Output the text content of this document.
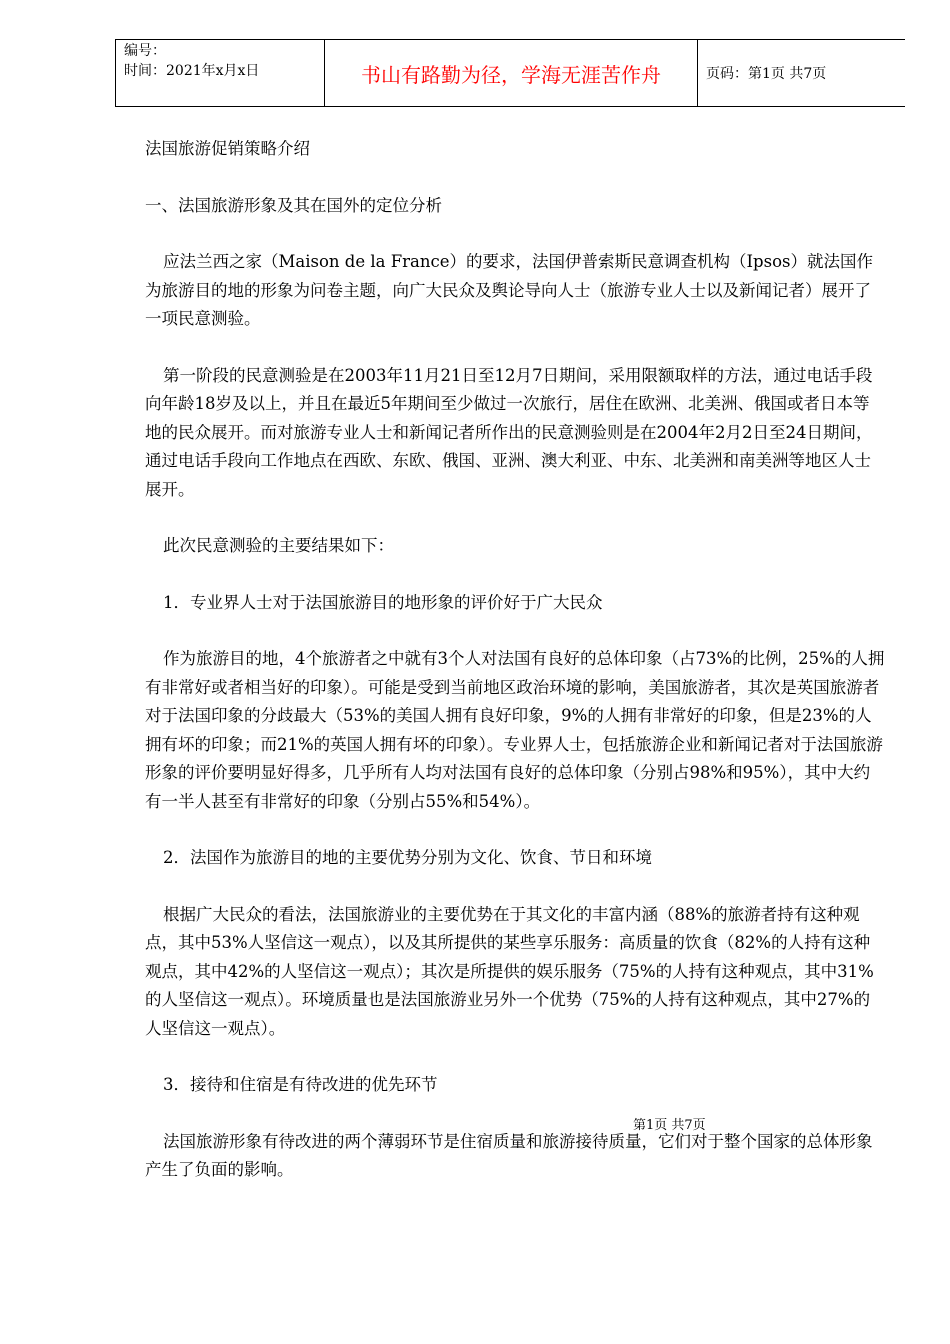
编号：
时间：2021年x月x日	书山有路勤为径，学海无涯苦作舟	页码：第1页 共7页

法国旅游促销策略介绍

一、法国旅游形象及其在国外的定位分析

应法兰西之家（Maison de la France）的要求，法国伊普索斯民意调查机构（Ipsos）就法国作为旅游目的地的形象为问卷主题，向广大民众及舆论导向人士（旅游专业人士以及新闻记者）展开了一项民意测验。

第一阶段的民意测验是在2003年11月21日至12月7日期间，采用限额取样的方法，通过电话手段向年龄18岁及以上，并且在最近5年期间至少做过一次旅行，居住在欧洲、北美洲、俄国或者日本等地的民众展开。而对旅游专业人士和新闻记者所作出的民意测验则是在2004年2月2日至24日期间，通过电话手段向工作地点在西欧、东欧、俄国、亚洲、澳大利亚、中东、北美洲和南美洲等地区人士展开。

此次民意测验的主要结果如下：

1．专业界人士对于法国旅游目的地形象的评价好于广大民众

作为旅游目的地，4个旅游者之中就有3个人对法国有良好的总体印象（占73%的比例，25%的人拥有非常好或者相当好的印象）。可能是受到当前地区政治环境的影响，美国旅游者，其次是英国旅游者对于法国印象的分歧最大（53%的美国人拥有良好印象，9%的人拥有非常好的印象，但是23%的人拥有坏的印象；而21%的英国人拥有坏的印象）。专业界人士，包括旅游企业和新闻记者对于法国旅游形象的评价要明显好得多，几乎所有人均对法国有良好的总体印象（分别占98%和95%），其中大约有一半人甚至有非常好的印象（分别占55%和54%）。

2．法国作为旅游目的地的主要优势分别为文化、饮食、节日和环境

根据广大民众的看法，法国旅游业的主要优势在于其文化的丰富内涵（88%的旅游者持有这种观点，其中53%人坚信这一观点），以及其所提供的某些享乐服务：高质量的饮食（82%的人持有这种观点，其中42%的人坚信这一观点）；其次是所提供的娱乐服务（75%的人持有这种观点，其中31%的人坚信这一观点）。环境质量也是法国旅游业另外一个优势（75%的人持有这种观点，其中27%的人坚信这一观点）。

3．接待和住宿是有待改进的优先环节

法国旅游形象有待改进的两个薄弱环节是住宿质量和旅游接待质量，它们对于整个国家的总体形象产生了负面的影响。

第1页 共7页
